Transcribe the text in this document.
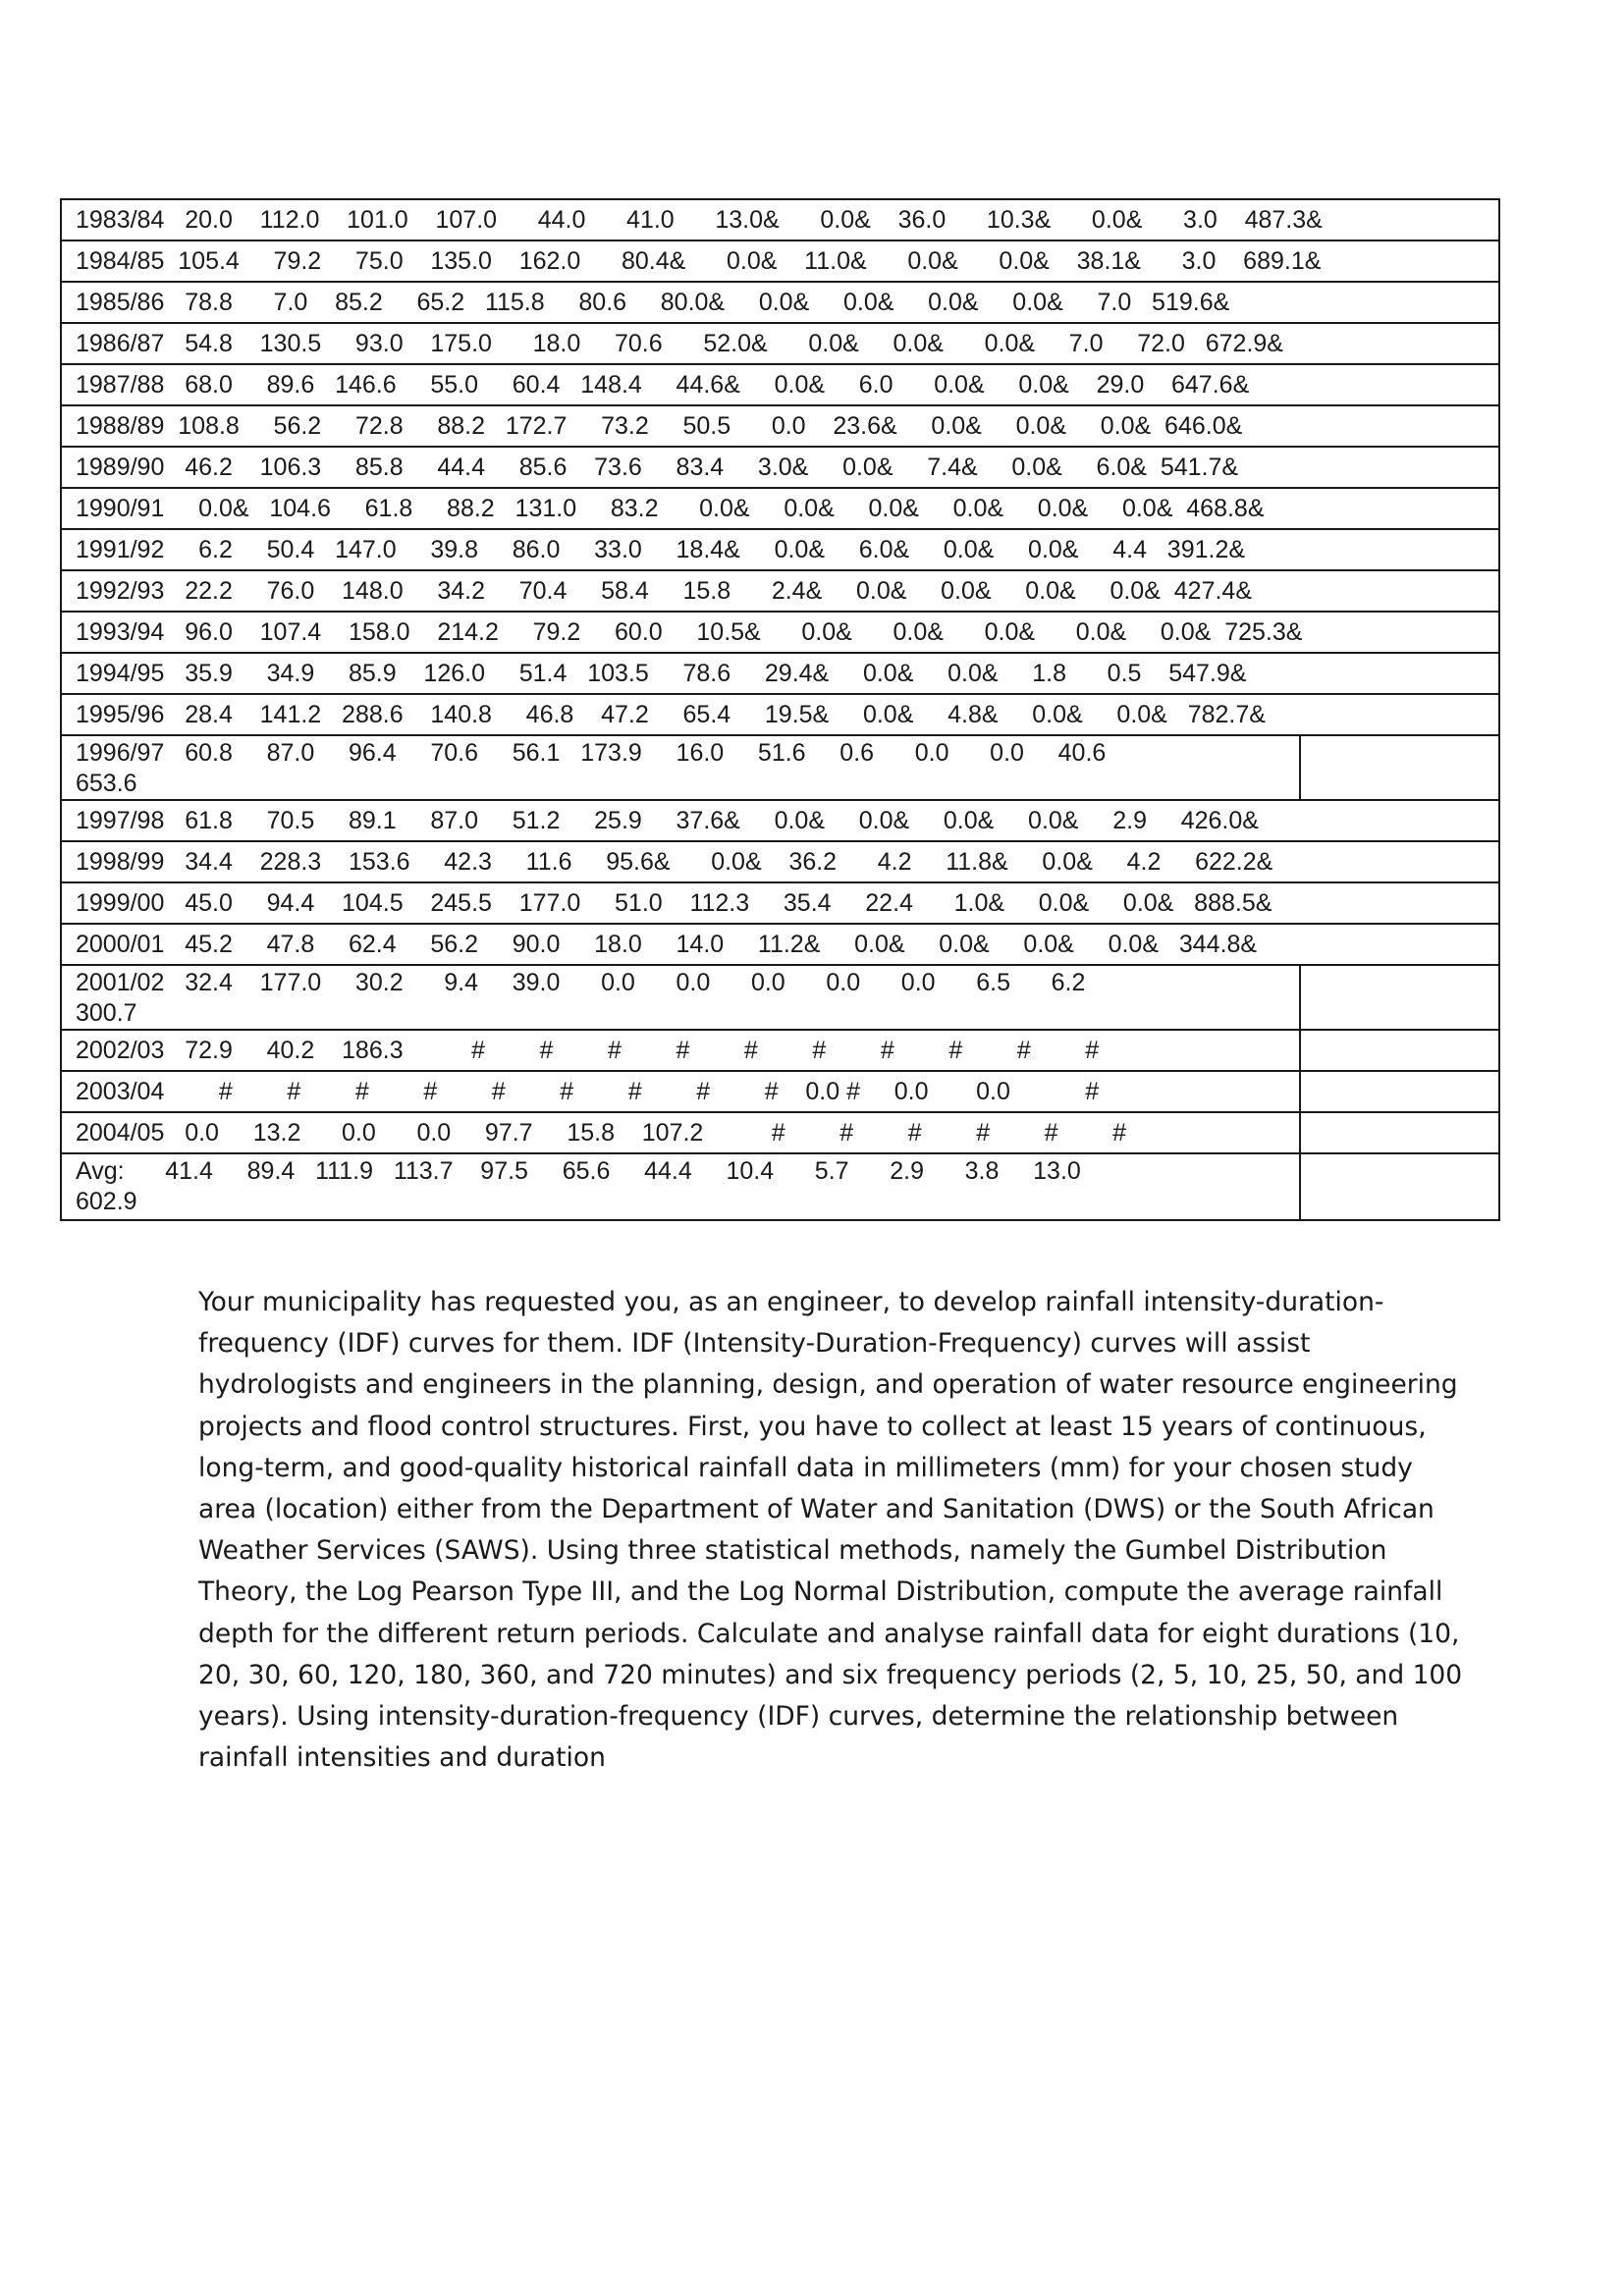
1983/84   20.0    112.0    101.0    107.0      44.0      41.0      13.0&      0.0&    36.0      10.3&      0.0&      3.0    487.3&
1984/85  105.4     79.2     75.0    135.0    162.0      80.4&      0.0&    11.0&      0.0&      0.0&    38.1&      3.0    689.1&
1985/86   78.8      7.0    85.2     65.2   115.8     80.6     80.0&     0.0&     0.0&     0.0&     0.0&     7.0   519.6&
1986/87   54.8    130.5     93.0    175.0      18.0     70.6      52.0&      0.0&     0.0&      0.0&     7.0     72.0   672.9&
1987/88   68.0     89.6   146.6     55.0     60.4   148.4     44.6&     0.0&     6.0      0.0&     0.0&    29.0    647.6&
1988/89  108.8     56.2     72.8     88.2   172.7     73.2     50.5      0.0    23.6&     0.0&     0.0&     0.0&  646.0&
1989/90   46.2    106.3     85.8     44.4     85.6    73.6     83.4     3.0&     0.0&     7.4&     0.0&     6.0&  541.7&
1990/91     0.0&   104.6     61.8     88.2   131.0     83.2      0.0&     0.0&     0.0&     0.0&     0.0&     0.0&  468.8&
1991/92     6.2     50.4   147.0     39.8     86.0     33.0     18.4&     0.0&     6.0&     0.0&     0.0&     4.4   391.2&
1992/93   22.2     76.0    148.0     34.2     70.4     58.4     15.8      2.4&     0.0&     0.0&     0.0&     0.0&  427.4&
1993/94   96.0    107.4    158.0    214.2     79.2     60.0     10.5&      0.0&      0.0&      0.0&      0.0&     0.0&  725.3&
1994/95   35.9     34.9     85.9    126.0     51.4   103.5     78.6     29.4&     0.0&     0.0&     1.8      0.5    547.9&
1995/96   28.4    141.2   288.6    140.8     46.8    47.2     65.4     19.5&     0.0&     4.8&     0.0&     0.0&   782.7&
1996/97   60.8     87.0     96.4     70.6     56.1   173.9     16.0     51.6     0.6      0.0      0.0     40.6
653.6
1997/98   61.8     70.5     89.1     87.0     51.2     25.9     37.6&     0.0&     0.0&     0.0&     0.0&     2.9     426.0&
1998/99   34.4    228.3    153.6     42.3     11.6     95.6&      0.0&    36.2      4.2     11.8&     0.0&     4.2     622.2&
1999/00   45.0     94.4    104.5    245.5    177.0     51.0    112.3     35.4     22.4      1.0&     0.0&     0.0&   888.5&
2000/01   45.2     47.8     62.4     56.2     90.0     18.0     14.0     11.2&     0.0&     0.0&     0.0&     0.0&   344.8&
2001/02   32.4    177.0     30.2      9.4     39.0      0.0      0.0      0.0      0.0      0.0      6.5      6.2
300.7
2002/03   72.9     40.2    186.3          #        #        #        #        #        #        #        #        #        #
2003/04        #        #        #        #        #        #        #        #        #    0.0 #     0.0       0.0           #
2004/05   0.0     13.2      0.0      0.0     97.7     15.8    107.2          #        #        #        #        #        #
Avg:      41.4     89.4   111.9   113.7    97.5     65.6     44.4     10.4      5.7      2.9      3.8     13.0
602.9

Your municipality has requested you, as an engineer, to develop rainfall intensity-duration-
frequency (IDF) curves for them. IDF (Intensity-Duration-Frequency) curves will assist
hydrologists and engineers in the planning, design, and operation of water resource engineering
projects and flood control structures. First, you have to collect at least 15 years of continuous,
long-term, and good-quality historical rainfall data in millimeters (mm) for your chosen study
area (location) either from the Department of Water and Sanitation (DWS) or the South African
Weather Services (SAWS). Using three statistical methods, namely the Gumbel Distribution
Theory, the Log Pearson Type III, and the Log Normal Distribution, compute the average rainfall
depth for the different return periods. Calculate and analyse rainfall data for eight durations (10,
20, 30, 60, 120, 180, 360, and 720 minutes) and six frequency periods (2, 5, 10, 25, 50, and 100
years). Using intensity-duration-frequency (IDF) curves, determine the relationship between
rainfall intensities and duration
